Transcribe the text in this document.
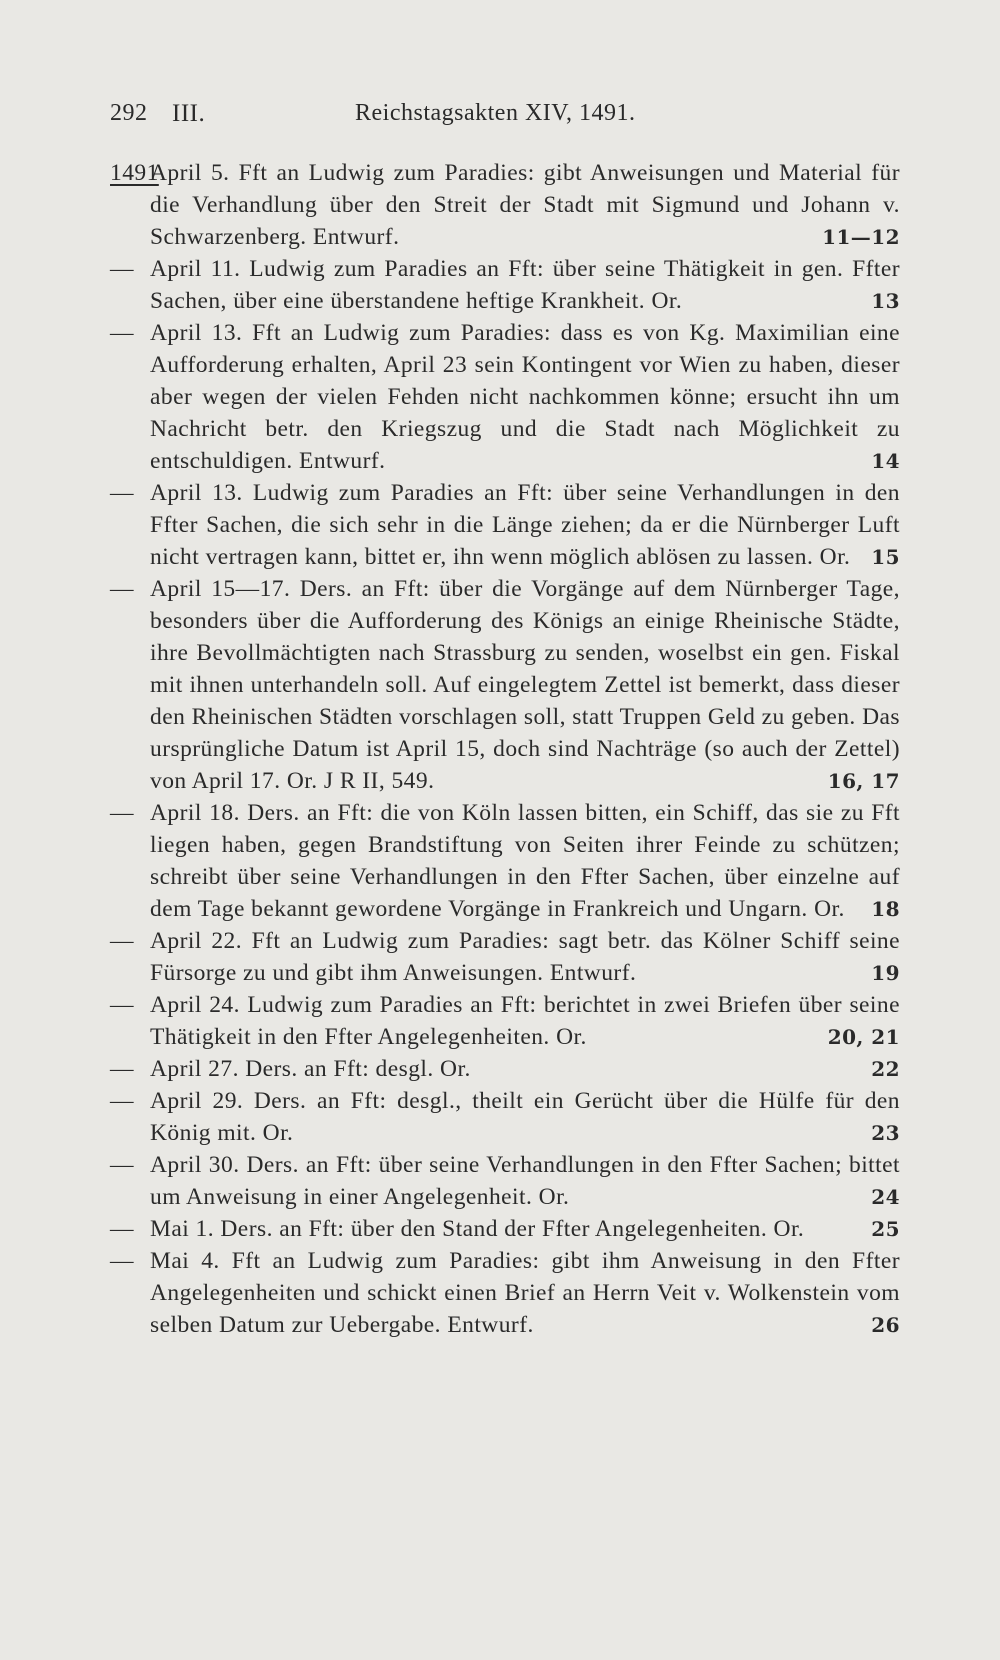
292 III.	Reichstagsakten XIV, 1491.
1491
April 5. Fft an Ludwig zum Paradies: gibt Anweisungen und Material für die Verhandlung über den Streit der Stadt mit Sigmund und Johann v. Schwarzenberg. Entwurf.	11—12
— April 11. Ludwig zum Paradies an Fft: über seine Thätigkeit in gen. Ffter Sachen, über eine überstandene heftige Krankheit. Or.	13
— April 13. Fft an Ludwig zum Paradies: dass es von Kg. Maximilian eine Aufforderung erhalten, April 23 sein Kontingent vor Wien zu haben, dieser aber wegen der vielen Fehden nicht nachkommen könne; ersucht ihn um Nachricht betr. den Kriegszug und die Stadt nach Möglichkeit zu entschuldigen. Entwurf.	14
— April 13. Ludwig zum Paradies an Fft: über seine Verhandlungen in den Ffter Sachen, die sich sehr in die Länge ziehen; da er die Nürnberger Luft nicht vertragen kann, bittet er, ihn wenn möglich ablösen zu lassen. Or. 15
— April 15—17. Ders. an Fft: über die Vorgänge auf dem Nürnberger Tage, besonders über die Aufforderung des Königs an einige Rheinische Städte, ihre Bevollmächtigten nach Strassburg zu senden, woselbst ein gen. Fiskal mit ihnen unterhandeln soll. Auf eingelegtem Zettel ist bemerkt, dass dieser den Rheinischen Städten vorschlagen soll, statt Truppen Geld zu geben. Das ursprüngliche Datum ist April 15, doch sind Nachträge (so auch der Zettel) von April 17. Or. J R II, 549.	16, 17
— April 18. Ders. an Fft: die von Köln lassen bitten, ein Schiff, das sie zu Fft liegen haben, gegen Brandstiftung von Seiten ihrer Feinde zu schützen; schreibt über seine Verhandlungen in den Ffter Sachen, über einzelne auf dem Tage bekannt gewordene Vorgänge in Frankreich und Ungarn. Or. 18
— April 22. Fft an Ludwig zum Paradies: sagt betr. das Kölner Schiff seine Fürsorge zu und gibt ihm Anweisungen. Entwurf.	19
— April 24. Ludwig zum Paradies an Fft: berichtet in zwei Briefen über seine Thätigkeit in den Ffter Angelegenheiten. Or.	20, 21
— April 27. Ders. an Fft: desgl. Or.	22
— April 29. Ders. an Fft: desgl., theilt ein Gerücht über die Hülfe für den König mit. Or.	23
— April 30. Ders. an Fft: über seine Verhandlungen in den Ffter Sachen; bittet um Anweisung in einer Angelegenheit. Or.	24
— Mai 1. Ders. an Fft: über den Stand der Ffter Angelegenheiten. Or.	25
— Mai 4. Fft an Ludwig zum Paradies: gibt ihm Anweisung in den Ffter Angelegenheiten und schickt einen Brief an Herrn Veit v. Wolkenstein vom selben Datum zur Uebergabe. Entwurf.	26
